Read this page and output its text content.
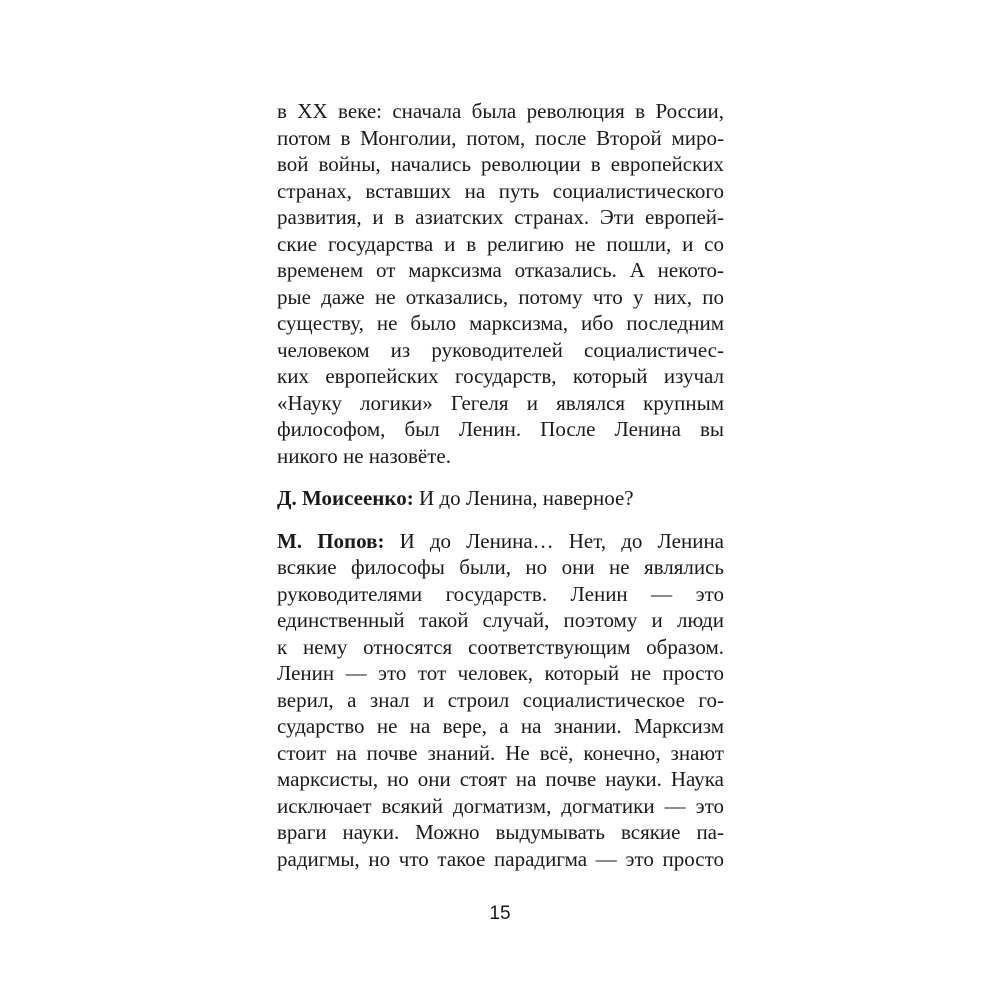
в XX веке: сначала была революция в России,
потом в Монголии, потом, после Второй миро-
вой войны, начались революции в европейских
странах, вставших на путь социалистического
развития, и в азиатских странах. Эти европей-
ские государства и в религию не пошли, и со
временем от марксизма отказались. А некото-
рые даже не отказались, потому что у них, по
существу, не было марксизма, ибо последним
человеком из руководителей социалистичес-
ких европейских государств, который изучал
«Науку логики» Гегеля и являлся крупным
философом, был Ленин. После Ленина вы
никого не назовёте.
Д. Моисеенко: И до Ленина, наверное?
М. Попов: И до Ленина… Нет, до Ленина
всякие философы были, но они не являлись
руководителями государств. Ленин — это
единственный такой случай, поэтому и люди
к нему относятся соответствующим образом.
Ленин — это тот человек, который не просто
верил, а знал и строил социалистическое го-
сударство не на вере, а на знании. Марксизм
стоит на почве знаний. Не всё, конечно, знают
марксисты, но они стоят на почве науки. Наука
исключает всякий догматизм, догматики — это
враги науки. Можно выдумывать всякие па-
радигмы, но что такое парадигма — это просто
15
